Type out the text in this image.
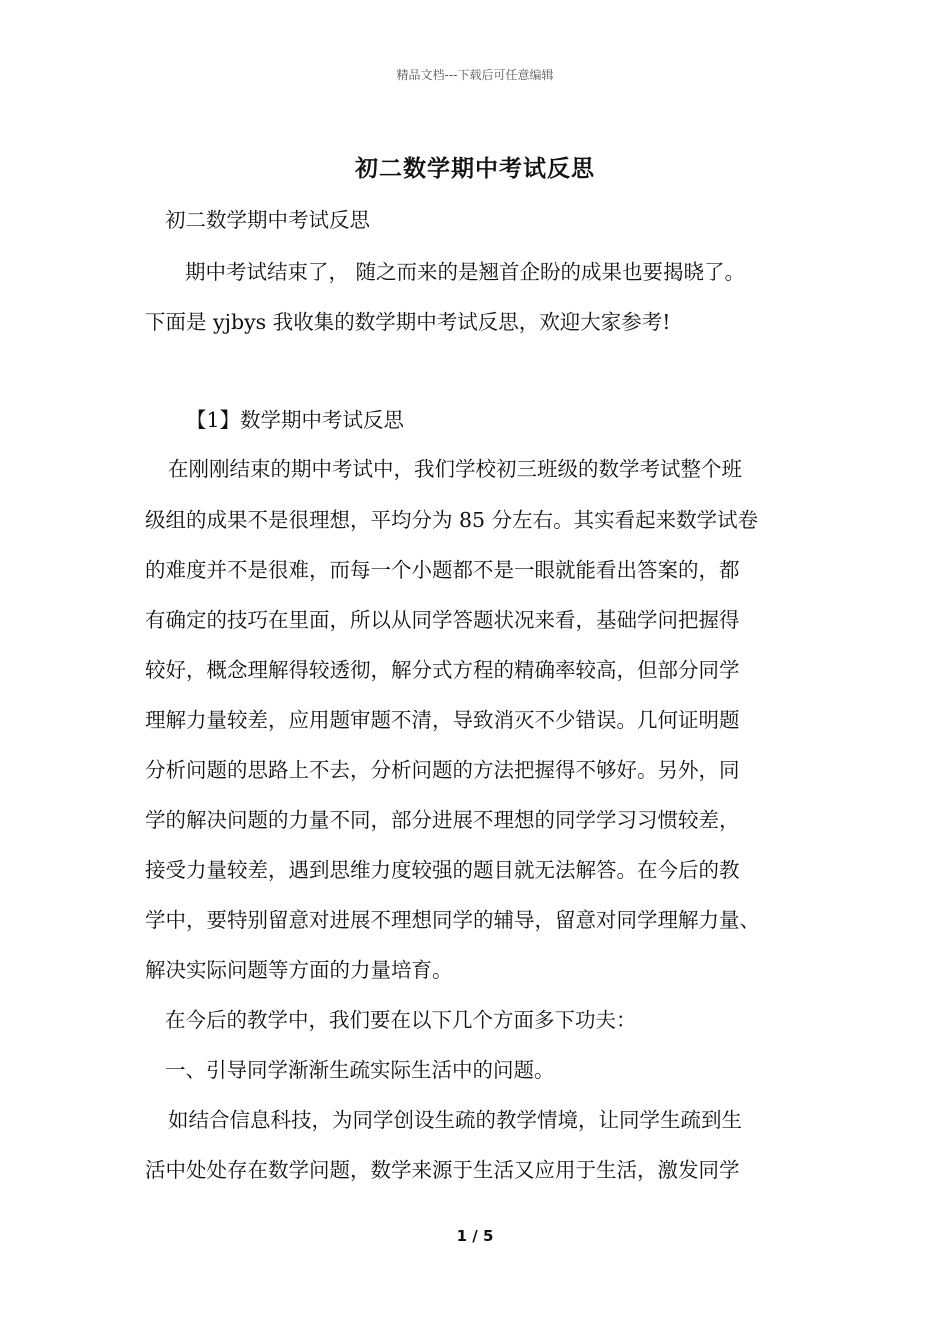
精品文档---下载后可任意编辑
初二数学期中考试反思
初二数学期中考试反思
期中考试结束了， 随之而来的是翘首企盼的成果也要揭晓了。
下面是 yjbys 我收集的数学期中考试反思，欢迎大家参考!
【1】数学期中考试反思
在刚刚结束的期中考试中，我们学校初三班级的数学考试整个班
级组的成果不是很理想，平均分为 85 分左右。其实看起来数学试卷
的难度并不是很难，而每一个小题都不是一眼就能看出答案的，都
有确定的技巧在里面，所以从同学答题状况来看，基础学问把握得
较好，概念理解得较透彻，解分式方程的精确率较高，但部分同学
理解力量较差，应用题审题不清，导致消灭不少错误。几何证明题
分析问题的思路上不去，分析问题的方法把握得不够好。另外，同
学的解决问题的力量不同，部分进展不理想的同学学习习惯较差，
接受力量较差，遇到思维力度较强的题目就无法解答。在今后的教
学中，要特别留意对进展不理想同学的辅导，留意对同学理解力量、
解决实际问题等方面的力量培育。
在今后的教学中，我们要在以下几个方面多下功夫：
一、引导同学渐渐生疏实际生活中的问题。
如结合信息科技，为同学创设生疏的教学情境，让同学生疏到生
活中处处存在数学问题，数学来源于生活又应用于生活，激发同学
1 / 5
